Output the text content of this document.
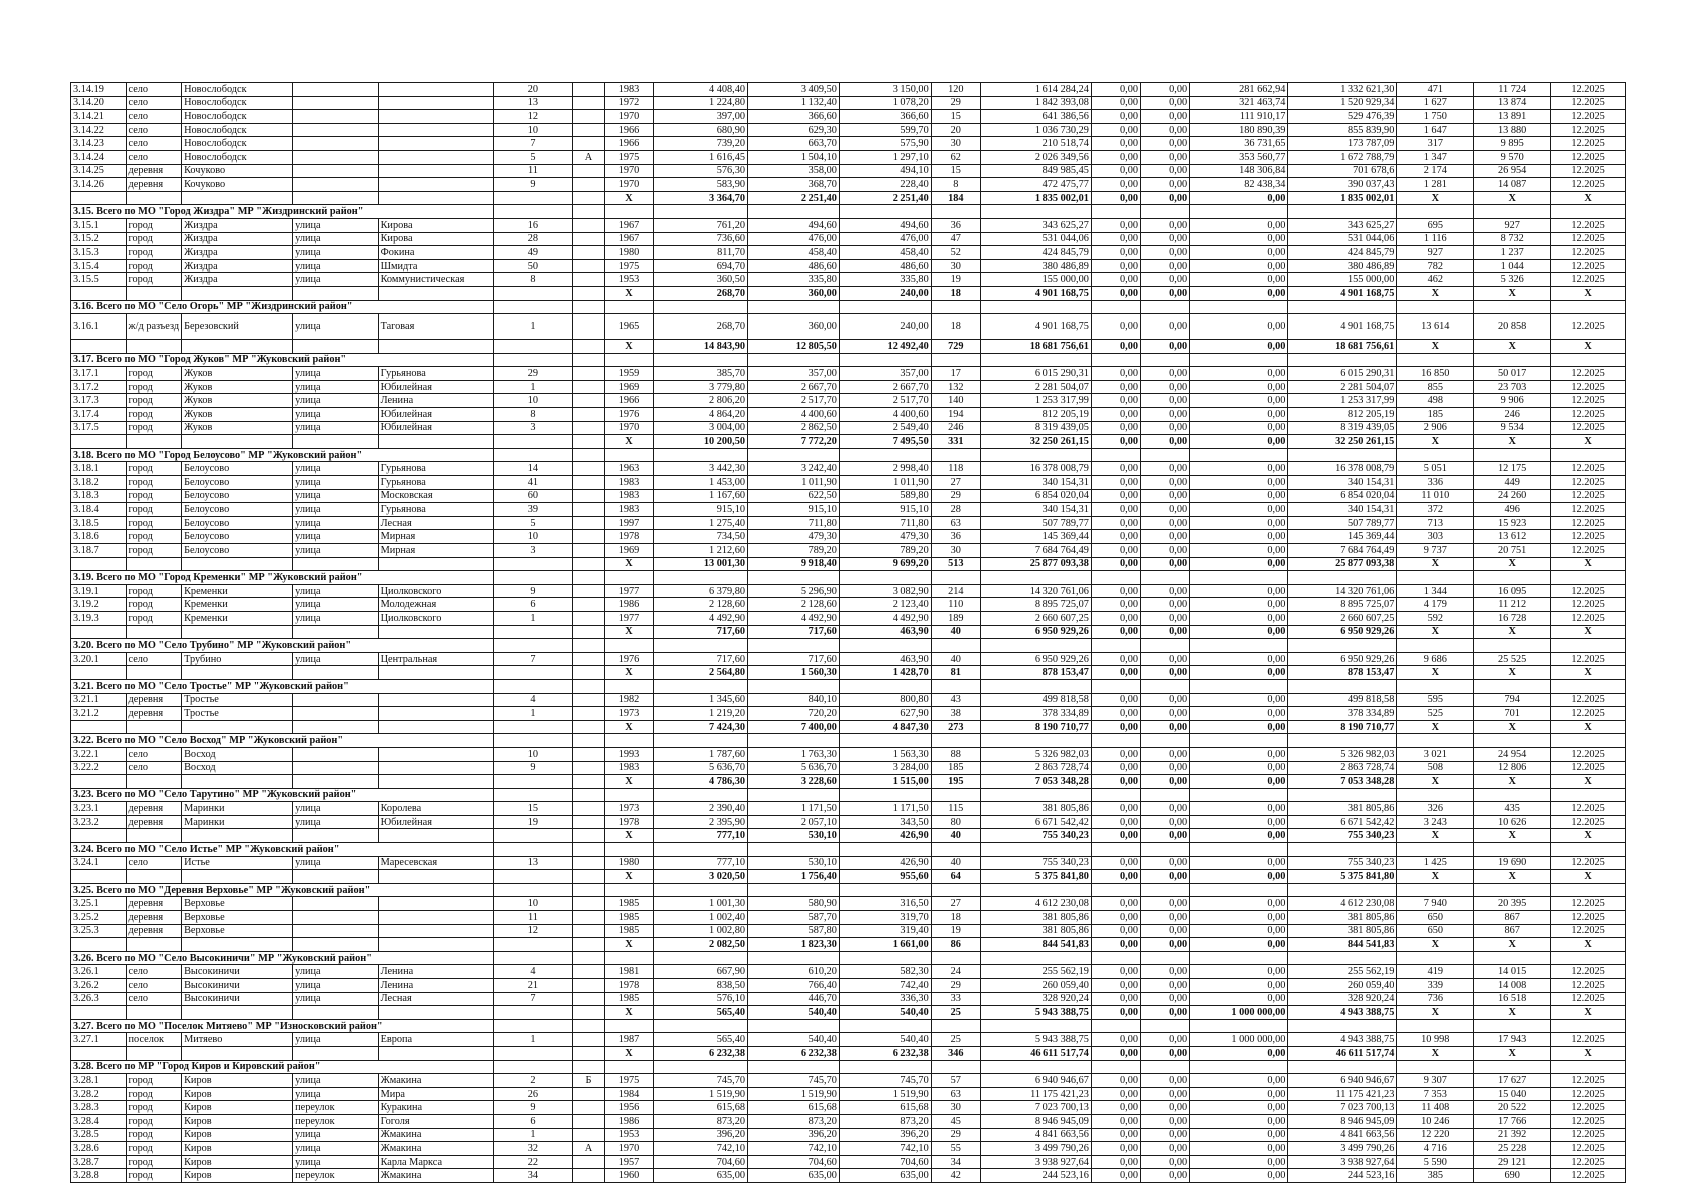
3.14.19	село	Новослободск			20		1983	4 408,40	3 409,50	3 150,00	120	1 614 284,24	0,00	0,00	281 662,94	1 332 621,30	471	11 724	12.2025
3.14.20	село	Новослободск			13		1972	1 224,80	1 132,40	1 078,20	29	1 842 393,08	0,00	0,00	321 463,74	1 520 929,34	1 627	13 874	12.2025
3.14.21	село	Новослободск			12		1970	397,00	366,60	366,60	15	641 386,56	0,00	0,00	111 910,17	529 476,39	1 750	13 891	12.2025
3.14.22	село	Новослободск			10		1966	680,90	629,30	599,70	20	1 036 730,29	0,00	0,00	180 890,39	855 839,90	1 647	13 880	12.2025
3.14.23	село	Новослободск			7		1966	739,20	663,70	575,90	30	210 518,74	0,00	0,00	36 731,65	173 787,09	317	9 895	12.2025
3.14.24	село	Новослободск			5	А	1975	1 616,45	1 504,10	1 297,10	62	2 026 349,56	0,00	0,00	353 560,77	1 672 788,79	1 347	9 570	12.2025
3.14.25	деревня	Кочуково			11		1970	576,30	358,00	494,10	15	849 985,45	0,00	0,00	148 306,84	701 678,6	2 174	26 954	12.2025
3.14.26	деревня	Кочуково			9		1970	583,90	368,70	228,40	8	472 475,77	0,00	0,00	82 438,34	390 037,43	1 281	14 087	12.2025
							Х	3 364,70	2 251,40	2 251,40	184	1 835 002,01	0,00	0,00	0,00	1 835 002,01	Х	Х	Х
3.15. Всего по МО "Город Жиздра" МР "Жиздринский район"																			
3.15.1	город	Жиздра	улица	Кирова	16		1967	761,20	494,60	494,60	36	343 625,27	0,00	0,00	0,00	343 625,27	695	927	12.2025
3.15.2	город	Жиздра	улица	Кирова	28		1967	736,60	476,00	476,00	47	531 044,06	0,00	0,00	0,00	531 044,06	1 116	8 732	12.2025
3.15.3	город	Жиздра	улица	Фокина	49		1980	811,70	458,40	458,40	52	424 845,79	0,00	0,00	0,00	424 845,79	927	1 237	12.2025
3.15.4	город	Жиздра	улица	Шмидта	50		1975	694,70	486,60	486,60	30	380 486,89	0,00	0,00	0,00	380 486,89	782	1 044	12.2025
3.15.5	город	Жиздра	улица	Коммунистическая	8		1953	360,50	335,80	335,80	19	155 000,00	0,00	0,00	0,00	155 000,00	462	5 326	12.2025
							Х	268,70	360,00	240,00	18	4 901 168,75	0,00	0,00	0,00	4 901 168,75	Х	Х	Х
3.16. Всего по МО "Село Огорь" МР "Жиздринский район"																			
3.16.1	ж/д разъезд	Березовский	улица	Таговая	1		1965	268,70	360,00	240,00	18	4 901 168,75	0,00	0,00	0,00	4 901 168,75	13 614	20 858	12.2025
							Х	14 843,90	12 805,50	12 492,40	729	18 681 756,61	0,00	0,00	0,00	18 681 756,61	Х	Х	Х
3.17. Всего по МО "Город Жуков" МР "Жуковский район"																			
3.17.1	город	Жуков	улица	Гурьянова	29		1959	385,70	357,00	357,00	17	6 015 290,31	0,00	0,00	0,00	6 015 290,31	16 850	50 017	12.2025
3.17.2	город	Жуков	улица	Юбилейная	1		1969	3 779,80	2 667,70	2 667,70	132	2 281 504,07	0,00	0,00	0,00	2 281 504,07	855	23 703	12.2025
3.17.3	город	Жуков	улица	Ленина	10		1966	2 806,20	2 517,70	2 517,70	140	1 253 317,99	0,00	0,00	0,00	1 253 317,99	498	9 906	12.2025
3.17.4	город	Жуков	улица	Юбилейная	8		1976	4 864,20	4 400,60	4 400,60	194	812 205,19	0,00	0,00	0,00	812 205,19	185	246	12.2025
3.17.5	город	Жуков	улица	Юбилейная	3		1970	3 004,00	2 862,50	2 549,40	246	8 319 439,05	0,00	0,00	0,00	8 319 439,05	2 906	9 534	12.2025
							Х	10 200,50	7 772,20	7 495,50	331	32 250 261,15	0,00	0,00	0,00	32 250 261,15	Х	Х	Х
3.18. Всего по МО "Город Белоусово" МР "Жуковский район"																			
3.18.1	город	Белоусово	улица	Гурьянова	14		1963	3 442,30	3 242,40	2 998,40	118	16 378 008,79	0,00	0,00	0,00	16 378 008,79	5 051	12 175	12.2025
3.18.2	город	Белоусово	улица	Гурьянова	41		1983	1 453,00	1 011,90	1 011,90	27	340 154,31	0,00	0,00	0,00	340 154,31	336	449	12.2025
3.18.3	город	Белоусово	улица	Московская	60		1983	1 167,60	622,50	589,80	29	6 854 020,04	0,00	0,00	0,00	6 854 020,04	11 010	24 260	12.2025
3.18.4	город	Белоусово	улица	Гурьянова	39		1983	915,10	915,10	915,10	28	340 154,31	0,00	0,00	0,00	340 154,31	372	496	12.2025
3.18.5	город	Белоусово	улица	Лесная	5		1997	1 275,40	711,80	711,80	63	507 789,77	0,00	0,00	0,00	507 789,77	713	15 923	12.2025
3.18.6	город	Белоусово	улица	Мирная	10		1978	734,50	479,30	479,30	36	145 369,44	0,00	0,00	0,00	145 369,44	303	13 612	12.2025
3.18.7	город	Белоусово	улица	Мирная	3		1969	1 212,60	789,20	789,20	30	7 684 764,49	0,00	0,00	0,00	7 684 764,49	9 737	20 751	12.2025
							Х	13 001,30	9 918,40	9 699,20	513	25 877 093,38	0,00	0,00	0,00	25 877 093,38	Х	Х	Х
3.19. Всего по МО "Город Кременки" МР "Жуковский район"																			
3.19.1	город	Кременки	улица	Циолковского	9		1977	6 379,80	5 296,90	3 082,90	214	14 320 761,06	0,00	0,00	0,00	14 320 761,06	1 344	16 095	12.2025
3.19.2	город	Кременки	улица	Молодежная	6		1986	2 128,60	2 128,60	2 123,40	110	8 895 725,07	0,00	0,00	0,00	8 895 725,07	4 179	11 212	12.2025
3.19.3	город	Кременки	улица	Циолковского	1		1977	4 492,90	4 492,90	4 492,90	189	2 660 607,25	0,00	0,00	0,00	2 660 607,25	592	16 728	12.2025
							Х	717,60	717,60	463,90	40	6 950 929,26	0,00	0,00	0,00	6 950 929,26	Х	Х	Х
3.20. Всего по МО "Село Трубино" МР "Жуковский район"																			
3.20.1	село	Трубино	улица	Центральная	7		1976	717,60	717,60	463,90	40	6 950 929,26	0,00	0,00	0,00	6 950 929,26	9 686	25 525	12.2025
							Х	2 564,80	1 560,30	1 428,70	81	878 153,47	0,00	0,00	0,00	878 153,47	Х	Х	Х
3.21. Всего по МО "Село Тростье" МР "Жуковский район"																			
3.21.1	деревня	Тростье			4		1982	1 345,60	840,10	800,80	43	499 818,58	0,00	0,00	0,00	499 818,58	595	794	12.2025
3.21.2	деревня	Тростье			1		1973	1 219,20	720,20	627,90	38	378 334,89	0,00	0,00	0,00	378 334,89	525	701	12.2025
							Х	7 424,30	7 400,00	4 847,30	273	8 190 710,77	0,00	0,00	0,00	8 190 710,77	Х	Х	Х
3.22. Всего по МО "Село Восход" МР "Жуковский район"																			
3.22.1	село	Восход			10		1993	1 787,60	1 763,30	1 563,30	88	5 326 982,03	0,00	0,00	0,00	5 326 982,03	3 021	24 954	12.2025
3.22.2	село	Восход			9		1983	5 636,70	5 636,70	3 284,00	185	2 863 728,74	0,00	0,00	0,00	2 863 728,74	508	12 806	12.2025
							Х	4 786,30	3 228,60	1 515,00	195	7 053 348,28	0,00	0,00	0,00	7 053 348,28	Х	Х	Х
3.23. Всего по МО "Село Тарутино" МР "Жуковский район"																			
3.23.1	деревня	Маринки	улица	Королева	15		1973	2 390,40	1 171,50	1 171,50	115	381 805,86	0,00	0,00	0,00	381 805,86	326	435	12.2025
3.23.2	деревня	Маринки	улица	Юбилейная	19		1978	2 395,90	2 057,10	343,50	80	6 671 542,42	0,00	0,00	0,00	6 671 542,42	3 243	10 626	12.2025
							Х	777,10	530,10	426,90	40	755 340,23	0,00	0,00	0,00	755 340,23	Х	Х	Х
3.24. Всего по МО "Село Истье" МР "Жуковский район"																			
3.24.1	село	Истье	улица	Маресевская	13		1980	777,10	530,10	426,90	40	755 340,23	0,00	0,00	0,00	755 340,23	1 425	19 690	12.2025
							Х	3 020,50	1 756,40	955,60	64	5 375 841,80	0,00	0,00	0,00	5 375 841,80	Х	Х	Х
3.25. Всего по МО "Деревня Верховье" МР "Жуковский район"																			
3.25.1	деревня	Верховье			10		1985	1 001,30	580,90	316,50	27	4 612 230,08	0,00	0,00	0,00	4 612 230,08	7 940	20 395	12.2025
3.25.2	деревня	Верховье			11		1985	1 002,40	587,70	319,70	18	381 805,86	0,00	0,00	0,00	381 805,86	650	867	12.2025
3.25.3	деревня	Верховье			12		1985	1 002,80	587,80	319,40	19	381 805,86	0,00	0,00	0,00	381 805,86	650	867	12.2025
							Х	2 082,50	1 823,30	1 661,00	86	844 541,83	0,00	0,00	0,00	844 541,83	Х	Х	Х
3.26. Всего по МО "Село Высокиничи" МР "Жуковский район"																			
3.26.1	село	Высокиничи	улица	Ленина	4		1981	667,90	610,20	582,30	24	255 562,19	0,00	0,00	0,00	255 562,19	419	14 015	12.2025
3.26.2	село	Высокиничи	улица	Ленина	21		1978	838,50	766,40	742,40	29	260 059,40	0,00	0,00	0,00	260 059,40	339	14 008	12.2025
3.26.3	село	Высокиничи	улица	Лесная	7		1985	576,10	446,70	336,30	33	328 920,24	0,00	0,00	0,00	328 920,24	736	16 518	12.2025
							Х	565,40	540,40	540,40	25	5 943 388,75	0,00	0,00	1 000 000,00	4 943 388,75	Х	Х	Х
3.27. Всего по МО "Поселок Митяево" МР "Износковский район"																			
3.27.1	поселок	Митяево	улица	Европа	1		1987	565,40	540,40	540,40	25	5 943 388,75	0,00	0,00	1 000 000,00	4 943 388,75	10 998	17 943	12.2025
							Х	6 232,38	6 232,38	6 232,38	346	46 611 517,74	0,00	0,00	0,00	46 611 517,74	Х	Х	Х
3.28. Всего по МР "Город Киров и Кировский район"																			
3.28.1	город	Киров	улица	Жмакина	2	Б	1975	745,70	745,70	745,70	57	6 940 946,67	0,00	0,00	0,00	6 940 946,67	9 307	17 627	12.2025
3.28.2	город	Киров	улица	Мира	26		1984	1 519,90	1 519,90	1 519,90	63	11 175 421,23	0,00	0,00	0,00	11 175 421,23	7 353	15 040	12.2025
3.28.3	город	Киров	переулок	Куракина	9		1956	615,68	615,68	615,68	30	7 023 700,13	0,00	0,00	0,00	7 023 700,13	11 408	20 522	12.2025
3.28.4	город	Киров	переулок	Гоголя	6		1986	873,20	873,20	873,20	45	8 946 945,09	0,00	0,00	0,00	8 946 945,09	10 246	17 766	12.2025
3.28.5	город	Киров	улица	Жмакина	1		1953	396,20	396,20	396,20	29	4 841 663,56	0,00	0,00	0,00	4 841 663,56	12 220	21 392	12.2025
3.28.6	город	Киров	улица	Жмакина	32	А	1970	742,10	742,10	742,10	55	3 499 790,26	0,00	0,00	0,00	3 499 790,26	4 716	25 228	12.2025
3.28.7	город	Киров	улица	Карла Маркса	22		1957	704,60	704,60	704,60	34	3 938 927,64	0,00	0,00	0,00	3 938 927,64	5 590	29 121	12.2025
3.28.8	город	Киров	переулок	Жмакина	34		1960	635,00	635,00	635,00	42	244 523,16	0,00	0,00	0,00	244 523,16	385	690	12.2025
